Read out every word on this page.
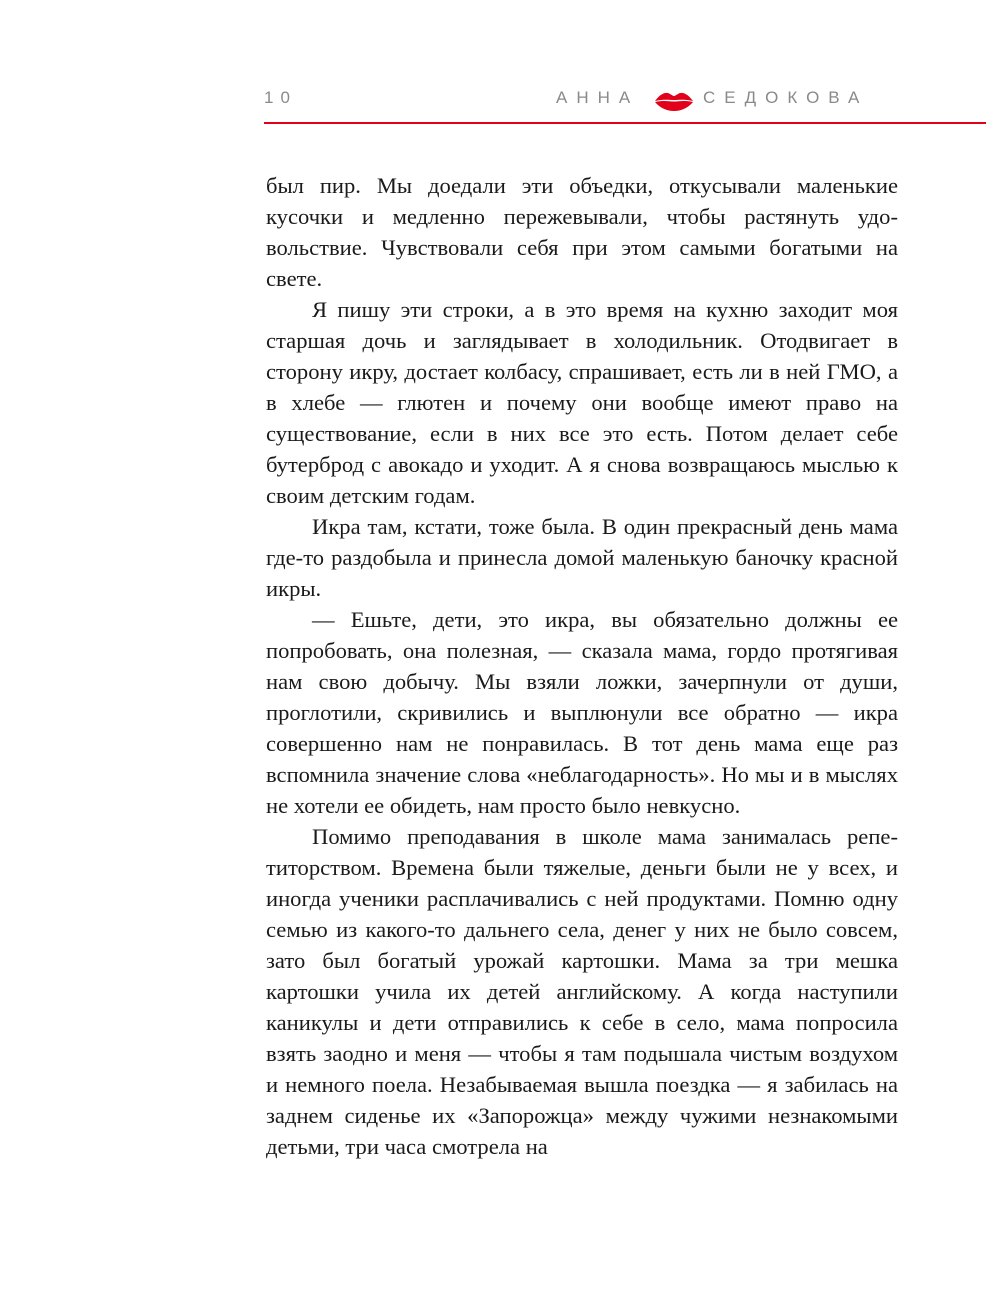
10	АННА	СЕДОКОВА

был пир. Мы доедали эти объедки, откусывали маленькие кусочки и медленно пережевывали, чтобы растянуть удовольствие. Чувствовали себя при этом самыми богатыми на свете.

Я пишу эти строки, а в это время на кухню заходит моя старшая дочь и заглядывает в холодильник. Отодвигает в сторону икру, достает колбасу, спрашивает, есть ли в ней ГМО, а в хлебе — глютен и почему они вообще имеют право на существование, если в них все это есть. Потом делает себе бутерброд с авокадо и уходит. А я снова возвращаюсь мыслью к своим детским годам.

Икра там, кстати, тоже была. В один прекрасный день мама где-то раздобыла и принесла домой маленькую баночку красной икры.

— Ешьте, дети, это икра, вы обязательно должны ее попробовать, она полезная, — сказала мама, гордо протягивая нам свою добычу. Мы взяли ложки, зачерпнули от души, проглотили, скривились и выплюнули все обратно — икра совершенно нам не понравилась. В тот день мама еще раз вспомнила значение слова «неблагодарность». Но мы и в мыслях не хотели ее обидеть, нам просто было невкусно.

Помимо преподавания в школе мама занималась репетиторством. Времена были тяжелые, деньги были не у всех, и иногда ученики расплачивались с ней продуктами. Помню одну семью из какого-то дальнего села, денег у них не было совсем, зато был богатый урожай картошки. Мама за три мешка картошки учила их детей английскому. А когда наступили каникулы и дети отправились к себе в село, мама попросила взять заодно и меня — чтобы я там подышала чистым воздухом и немного поела. Незабываемая вышла поездка — я забилась на заднем сиденье их «Запорожца» между чужими незнакомыми детьми, три часа смотрела на
